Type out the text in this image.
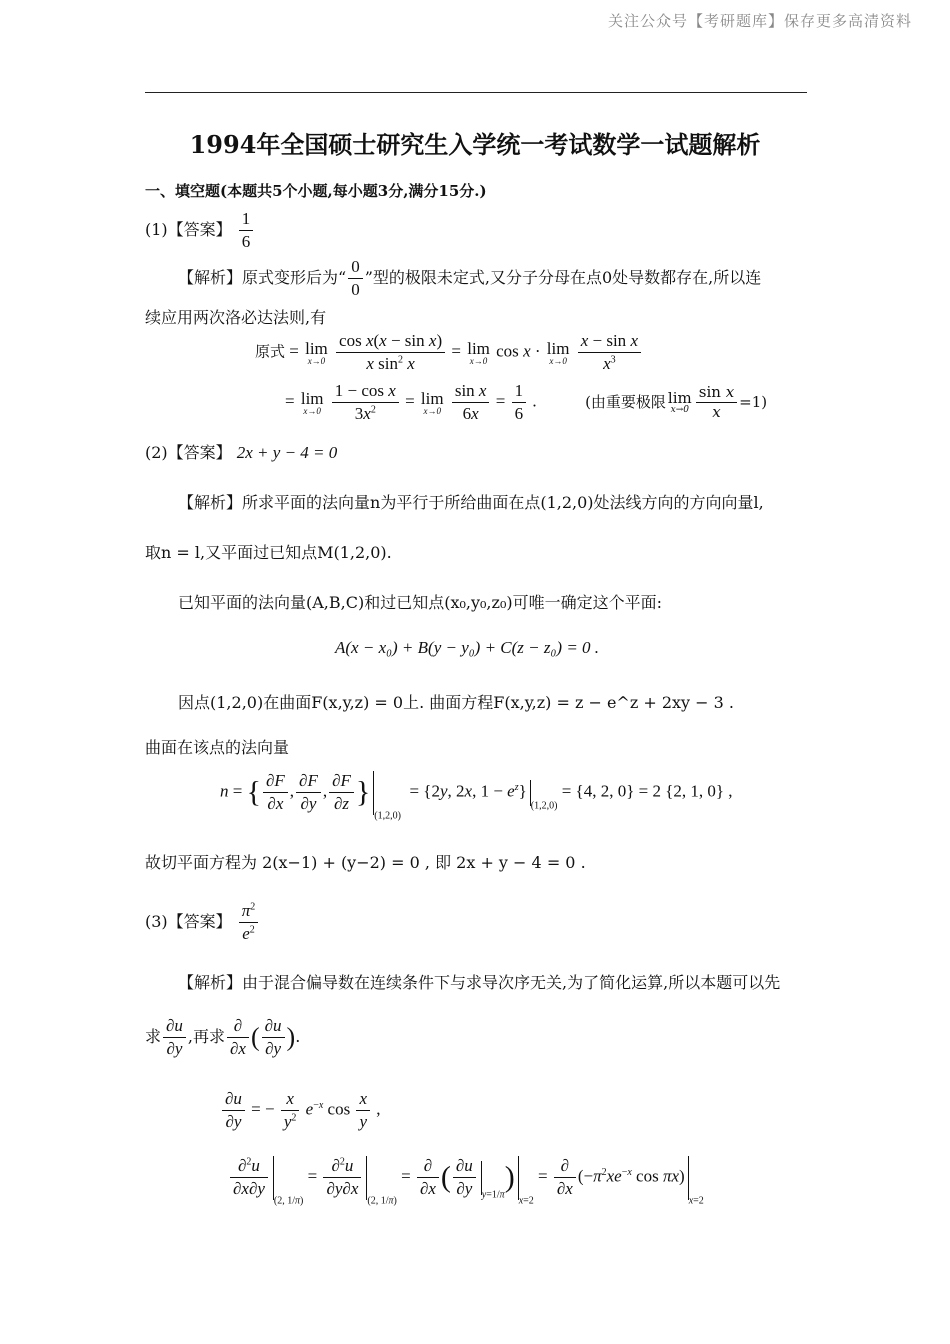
关注公众号【考研题库】保存更多高清资料
1994年全国硕士研究生入学统一考试数学一试题解析
一、填空题(本题共5个小题,每小题3分,满分15分.)
(1)【答案】 $\frac{1}{6}$
【解析】原式变形后为“ $\frac{0}{0}$ ”型的极限未定式,又分子分母在点0处导数都存在,所以连
续应用两次洛必达法则,有
原式 = lim
x→0
$\frac{\text{cos x(x − sin x)}}{x \sin^2 x} = \lim$
x→0
cos x · lim
x→0
$\frac{\text{x − sin x}}{x^3}$
= lim
x→0
$\frac{\text{1 − cos x}}{3x^2} = \lim$
x→0
$\frac{\text{sin x}}{6x} = \frac{1}{6}$ .	(由重要极限 lim
$x\to 0 \frac{\text{sin x}}{x} =1$)
(2)【答案】 2x + y − 4 = 0
【解析】所求平面的法向量n为平行于所给曲面在点(1,2,0)处法线方向的方向向量l,
取n = l,又平面过已知点M(1,2,0).
已知平面的法向量(A,B,C)和过已知点(x₀,y₀,z₀)可唯一确定这个平面:
A(x − x₀) + B(y − y₀) + C(z − z₀) = 0 .
因点(1,2,0)在曲面F(x,y,z) = 0上. 曲面方程F(x,y,z) = z − e^z + 2xy − 3 .
曲面在该点的法向量
n = { $\frac{\partial F}{\partial x}$ , $\frac{\partial F}{\partial y}$ , $\frac{\partial F}{\partial z} \}_{(1,2,0)} = \{2y$, 2x, $1 - e^z\}_{(1,2,0)} = \{4$, 2, 0} = 2 {2, 1, 0} ,
故切平面方程为 2(x−1) + (y−2) = 0 , 即 2x + y − 4 = 0 .
(3)【答案】 $\frac{\pi^2}{e^2}$
【解析】由于混合偏导数在连续条件下与求导次序无关,为了简化运算,所以本题可以先
求 $\frac{\partial u}{\partial y}$ ,再求 $\frac{\partial}{\partial x}$ ( $\frac{\partial u}{\partial y}$ ).
$\frac{\partial u}{\partial y}$ = − $\frac{x}{y^2} e^{-x}$ $\cos \frac{x}{y}$ ,
$\frac{\partial^2u}{\partial x\partial y}$
$_{(2, 1/\pi)} = \frac{\partial^2u}{\partial y\partial x}$
$_{(2, 1/\pi)} = \frac{\partial}{\partial x}$ ( $\frac{\partial u}{\partial y} _{y=1/\pi})_{x=2} = \frac{\partial}{\partial x} (-\pi^2xe^{-x}$ $\cos \pi x)_{x=2}$
